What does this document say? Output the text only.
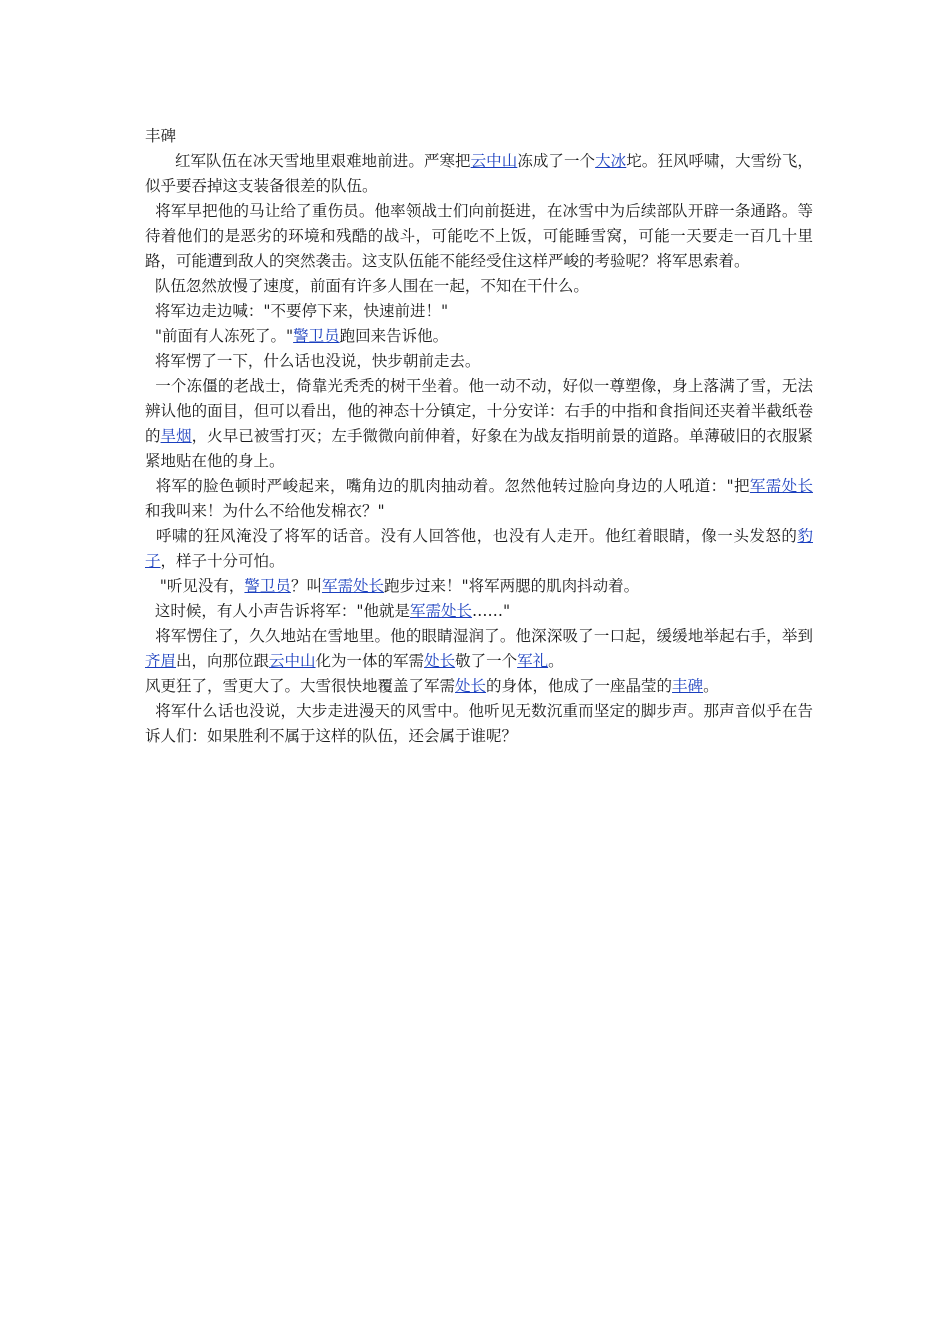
丰碑

红军队伍在冰天雪地里艰难地前进。严寒把云中山冻成了一个大冰坨。狂风呼啸，大雪纷飞，似乎要吞掉这支装备很差的队伍。

将军早把他的马让给了重伤员。他率领战士们向前挺进，在冰雪中为后续部队开辟一条通路。等待着他们的是恶劣的环境和残酷的战斗，可能吃不上饭，可能睡雪窝，可能一天要走一百几十里路，可能遭到敌人的突然袭击。这支队伍能不能经受住这样严峻的考验呢？将军思索着。

队伍忽然放慢了速度，前面有许多人围在一起，不知在干什么。

将军边走边喊："不要停下来，快速前进！"

"前面有人冻死了。"警卫员跑回来告诉他。

将军愣了一下，什么话也没说，快步朝前走去。

一个冻僵的老战士，倚靠光秃秃的树干坐着。他一动不动，好似一尊塑像，身上落满了雪，无法辨认他的面目，但可以看出，他的神态十分镇定，十分安详：右手的中指和食指间还夹着半截纸卷的旱烟，火早已被雪打灭；左手微微向前伸着，好象在为战友指明前景的道路。单薄破旧的衣服紧紧地贴在他的身上。

将军的脸色顿时严峻起来，嘴角边的肌肉抽动着。忽然他转过脸向身边的人吼道："把军需处长和我叫来！为什么不给他发棉衣？"

呼啸的狂风淹没了将军的话音。没有人回答他，也没有人走开。他红着眼睛，像一头发怒的豹子，样子十分可怕。

"听见没有，警卫员？叫军需处长跑步过来！"将军两腮的肌肉抖动着。

这时候，有人小声告诉将军："他就是军需处长……"

将军愣住了，久久地站在雪地里。他的眼睛湿润了。他深深吸了一口起，缓缓地举起右手，举到齐眉出，向那位跟云中山化为一体的军需处长敬了一个军礼。

风更狂了，雪更大了。大雪很快地覆盖了军需处长的身体，他成了一座晶莹的丰碑。

将军什么话也没说，大步走进漫天的风雪中。他听见无数沉重而坚定的脚步声。那声音似乎在告诉人们：如果胜利不属于这样的队伍，还会属于谁呢？
